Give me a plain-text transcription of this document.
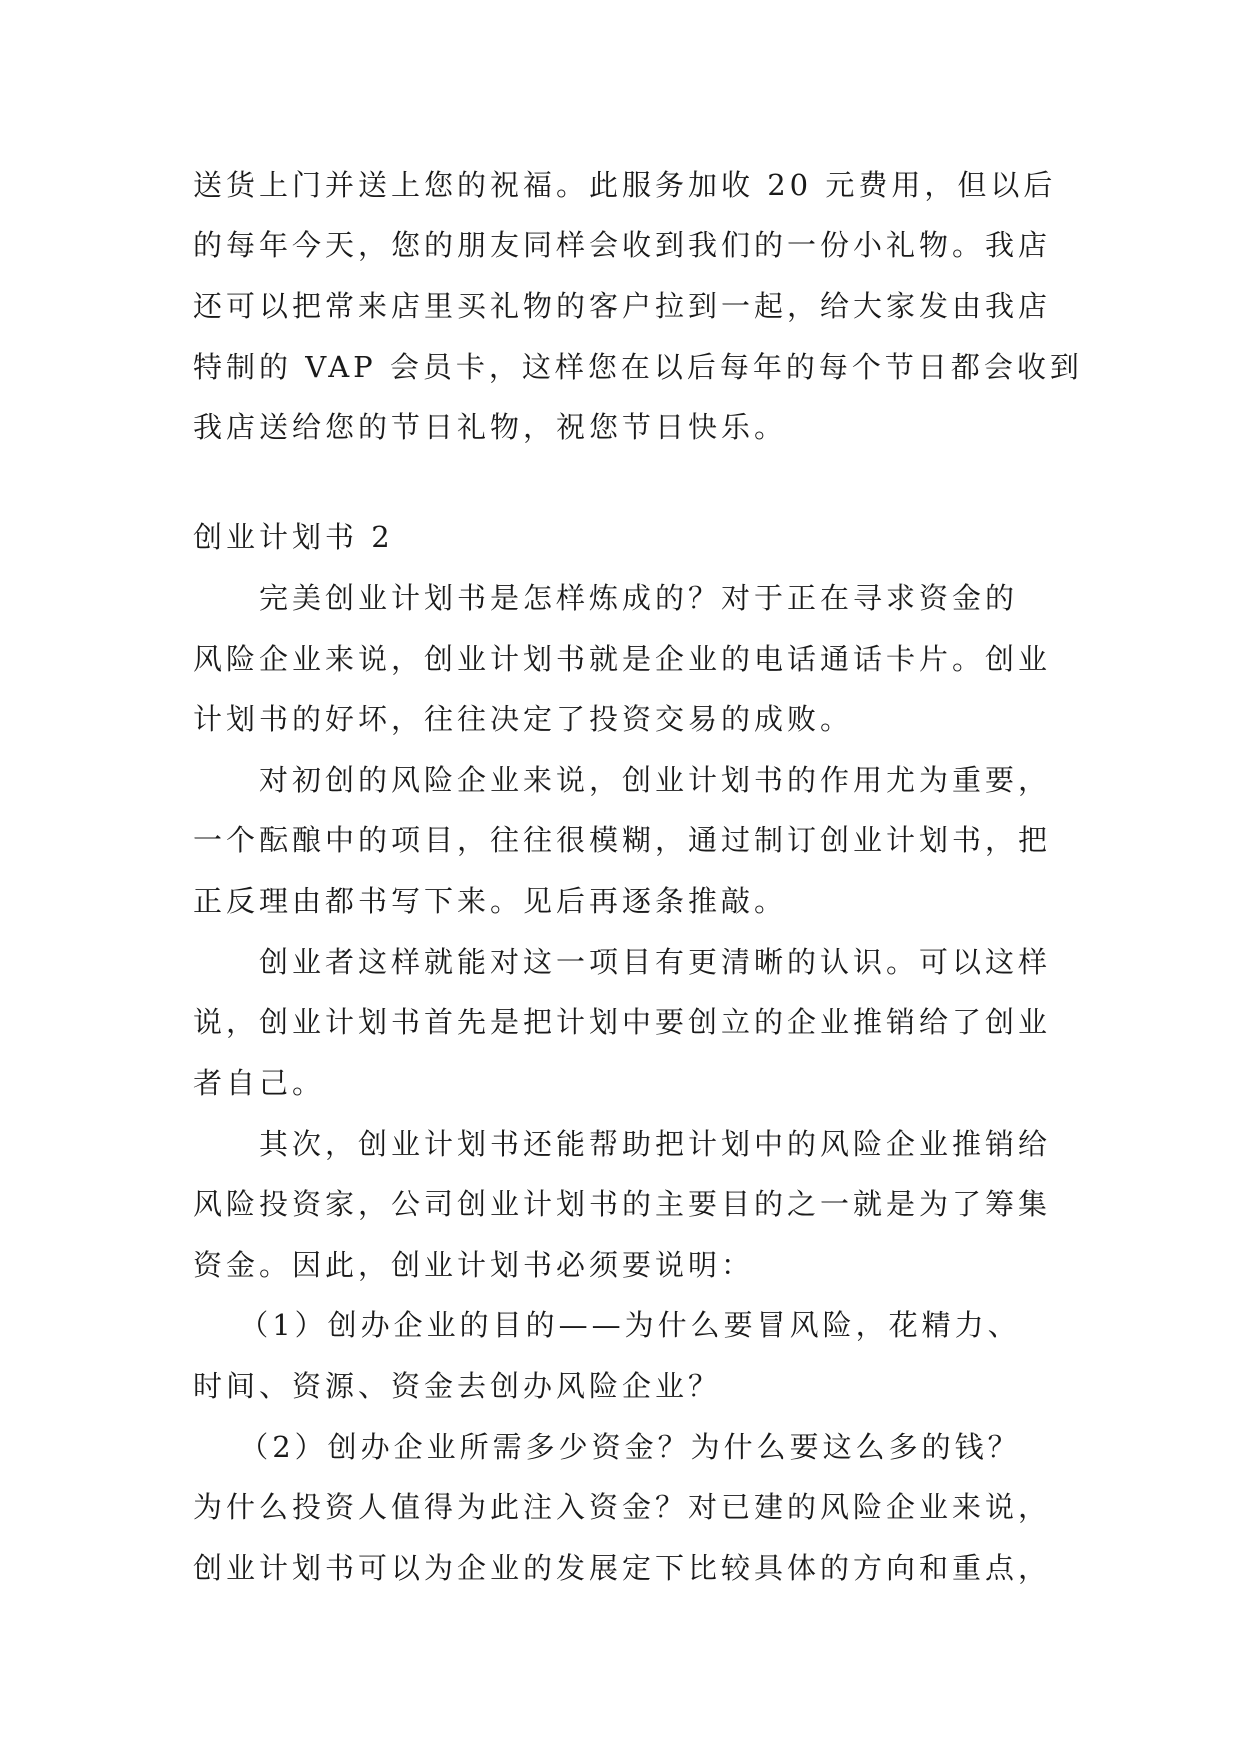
送货上门并送上您的祝福。此服务加收 20 元费用，但以后
的每年今天，您的朋友同样会收到我们的一份小礼物。我店
还可以把常来店里买礼物的客户拉到一起，给大家发由我店
特制的 VAP 会员卡，这样您在以后每年的每个节日都会收到
我店送给您的节日礼物，祝您节日快乐。
创业计划书 2
　　完美创业计划书是怎样炼成的？对于正在寻求资金的
风险企业来说，创业计划书就是企业的电话通话卡片。创业
计划书的好坏，往往决定了投资交易的成败。
　　对初创的风险企业来说，创业计划书的作用尤为重要，
一个酝酿中的项目，往往很模糊，通过制订创业计划书，把
正反理由都书写下来。见后再逐条推敲。
　　创业者这样就能对这一项目有更清晰的认识。可以这样
说，创业计划书首先是把计划中要创立的企业推销给了创业
者自己。
　　其次，创业计划书还能帮助把计划中的风险企业推销给
风险投资家，公司创业计划书的主要目的之一就是为了筹集
资金。因此，创业计划书必须要说明：
　 （1）创办企业的目的——为什么要冒风险，花精力、
时间、资源、资金去创办风险企业？
　 （2）创办企业所需多少资金？为什么要这么多的钱？
为什么投资人值得为此注入资金？对已建的风险企业来说，
创业计划书可以为企业的发展定下比较具体的方向和重点，
